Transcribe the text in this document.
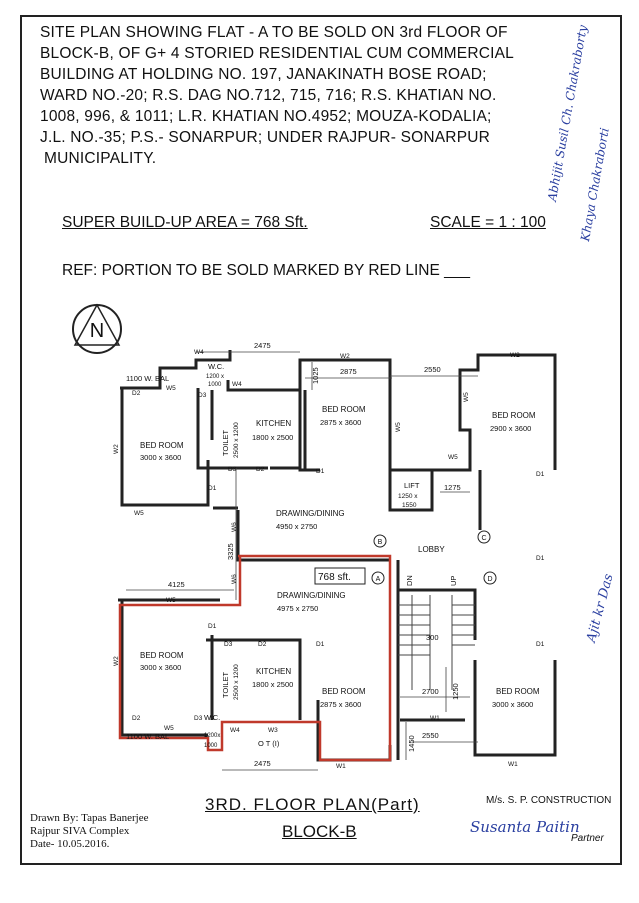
SITE PLAN SHOWING FLAT - A TO BE SOLD ON 3rd FLOOR OF
BLOCK-B, OF G+ 4 STORIED RESIDENTIAL CUM COMMERCIAL
BUILDING AT HOLDING NO. 197, JANAKINATH BOSE ROAD;
WARD NO.-20; R.S. DAG NO.712, 715, 716; R.S. KHATIAN NO.
1008, 996, & 1011; L.R. KHATIAN NO.4952; MOUZA-KODALIA;
J.L. NO.-35; P.S.- SONARPUR; UNDER RAJPUR- SONARPUR
MUNICIPALITY.
SUPER BUILD-UP AREA = 768 Sft.	SCALE = 1 : 100
REF: PORTION TO BE SOLD MARKED BY RED LINE ___
N
BED ROOM
3000 x 3600
1100 W. BAL
W.C.
1200 x
1000
TOILET 2500 x 1200 KITCHEN
1800 x 2500
BED ROOM
2875 x 3600
BED ROOM
2900 x 3600
DRAWING/DINING
4950 x 2750
LIFT
1250 x
1550
LOBBY
768 sft.
DRAWING/DINING
4975 x 2750
BED ROOM
3000 x 3600
TOILET 2500 x 1200 KITCHEN
1800 x 2500
BED ROOM
2875 x 3600
BED ROOM
3000 x 3600
1100 W. BAL
W.C.
1200x
1000	O T (I)
DN	UP
300
2475
2875	2550
1025
1275
3325
4125
2700 1250
1450 2550
2475
A
B
C
D
W4
W2	W2
W5
W4
W2
W5
W6
W6
W5
W2
W5	W4	W3
W1
W1
W1
W5
W5
W5
D2	D3
D3	D2	D1
D1
D1
D1
D3	D2	D1	D1
D2	D3
D1
Drawn By: Tapas Banerjee
Rajpur SIVA Complex
Date- 10.05.2016.
3RD. FLOOR PLAN(Part)
BLOCK-B
M/s. S. P. CONSTRUCTION
Partner
Susanta Paitin
Abhijit Susil Ch. Chakraborty
Khaya Chakraborti
Ajit kr Das
